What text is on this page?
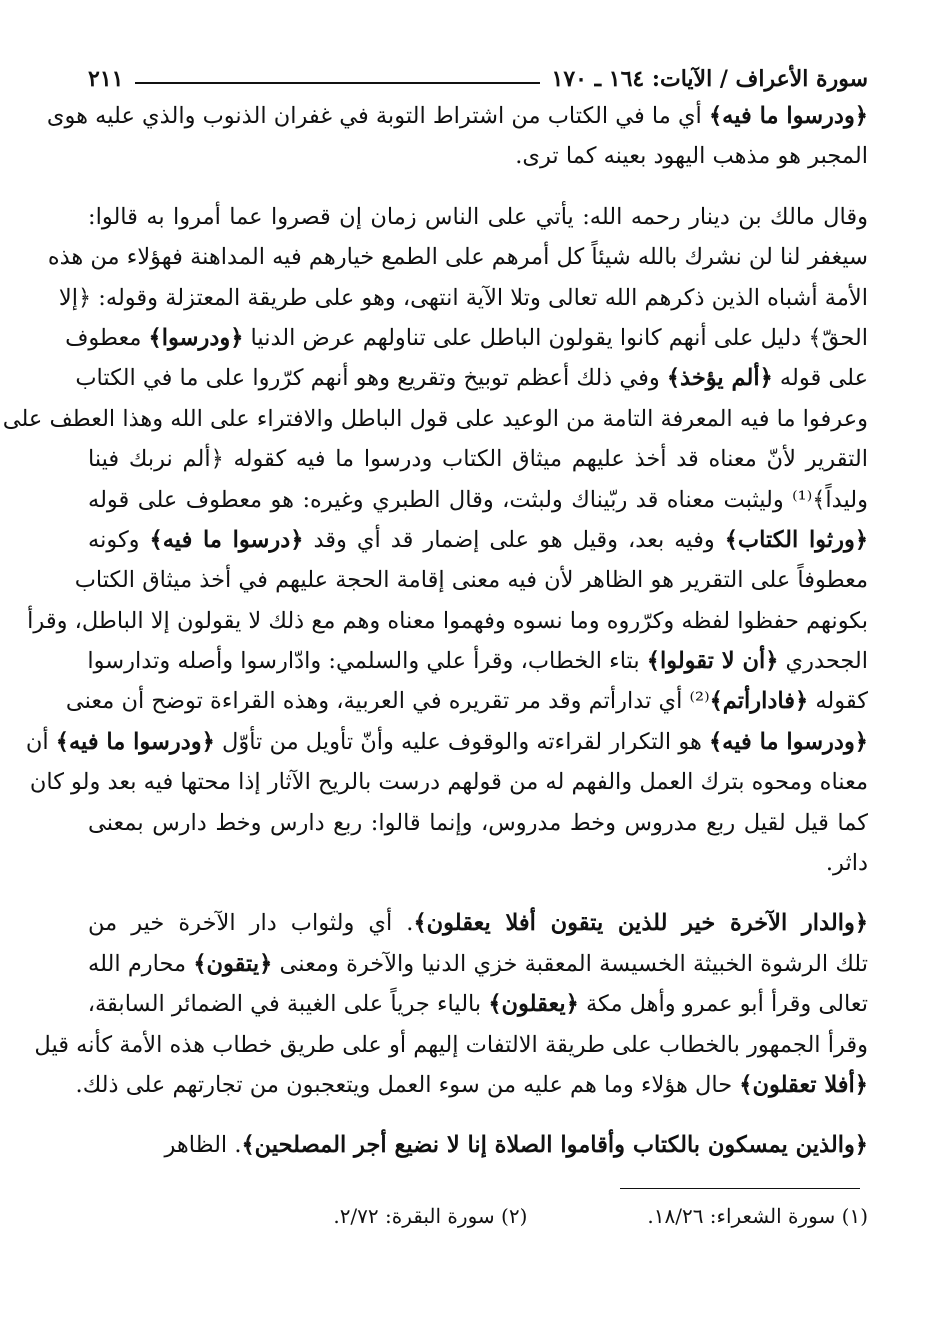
سورة الأعراف / الآيات: ١٦٤ ـ ١٧٠
٢١١
﴿ودرسوا ما فيه﴾ أي ما في الكتاب من اشتراط التوبة في غفران الذنوب والذي عليه هوى
المجبر هو مذهب اليهود بعينه كما ترى.
وقال مالك بن دينار رحمه الله: يأتي على الناس زمان إن قصروا عما أمروا به قالوا:
سيغفر لنا لن نشرك بالله شيئاً كل أمرهم على الطمع خيارهم فيه المداهنة فهؤلاء من هذه
الأمة أشباه الذين ذكرهم الله تعالى وتلا الآية انتهى، وهو على طريقة المعتزلة وقوله: ﴿إلا
الحقّ﴾ دليل على أنهم كانوا يقولون الباطل على تناولهم عرض الدنيا ﴿ودرسوا﴾ معطوف
على قوله ﴿ألم يؤخذ﴾ وفي ذلك أعظم توبيخ وتقريع وهو أنهم كرّروا على ما في الكتاب
وعرفوا ما فيه المعرفة التامة من الوعيد على قول الباطل والافتراء على الله وهذا العطف على
التقرير لأنّ معناه قد أخذ عليهم ميثاق الكتاب ودرسوا ما فيه كقوله ﴿ألم نربك فينا
وليداً﴾⁽¹⁾ وليثبت معناه قد ربّيناك ولبثت، وقال الطبري وغيره: هو معطوف على قوله
﴿ورثوا الكتاب﴾ وفيه بعد، وقيل هو على إضمار قد أي وقد ﴿درسوا ما فيه﴾ وكونه
معطوفاً على التقرير هو الظاهر لأن فيه معنى إقامة الحجة عليهم في أخذ ميثاق الكتاب
بكونهم حفظوا لفظه وكرّروه وما نسوه وفهموا معناه وهم مع ذلك لا يقولون إلا الباطل، وقرأ
الجحدري ﴿أن لا تقولوا﴾ بتاء الخطاب، وقرأ علي والسلمي: وادّارسوا وأصله وتدارسوا
كقوله ﴿فادارأتم﴾⁽²⁾ أي تدارأتم وقد مر تقريره في العربية، وهذه القراءة توضح أن معنى
﴿ودرسوا ما فيه﴾ هو التكرار لقراءته والوقوف عليه وأنّ تأويل من تأوّل ﴿ودرسوا ما فيه﴾ أن
معناه ومحوه بترك العمل والفهم له من قولهم درست بالريح الآثار إذا محتها فيه بعد ولو كان
كما قيل لقيل ربع مدروس وخط مدروس، وإنما قالوا: ربع دارس وخط دارس بمعنى
داثر.
﴿والدار الآخرة خير للذين يتقون أفلا يعقلون﴾. أي ولثواب دار الآخرة خير من
تلك الرشوة الخبيثة الخسيسة المعقبة خزي الدنيا والآخرة ومعنى ﴿يتقون﴾ محارم الله
تعالى وقرأ أبو عمرو وأهل مكة ﴿يعقلون﴾ بالياء جرياً على الغيبة في الضمائر السابقة،
وقرأ الجمهور بالخطاب على طريقة الالتفات إليهم أو على طريق خطاب هذه الأمة كأنه قيل
﴿أفلا تعقلون﴾ حال هؤلاء وما هم عليه من سوء العمل ويتعجبون من تجارتهم على ذلك.
﴿والذين يمسكون بالكتاب وأقاموا الصلاة إنا لا نضيع أجر المصلحين﴾. الظاهر
(١) سورة الشعراء: ١٨/٢٦.
(٢) سورة البقرة: ٢/٧٢.
